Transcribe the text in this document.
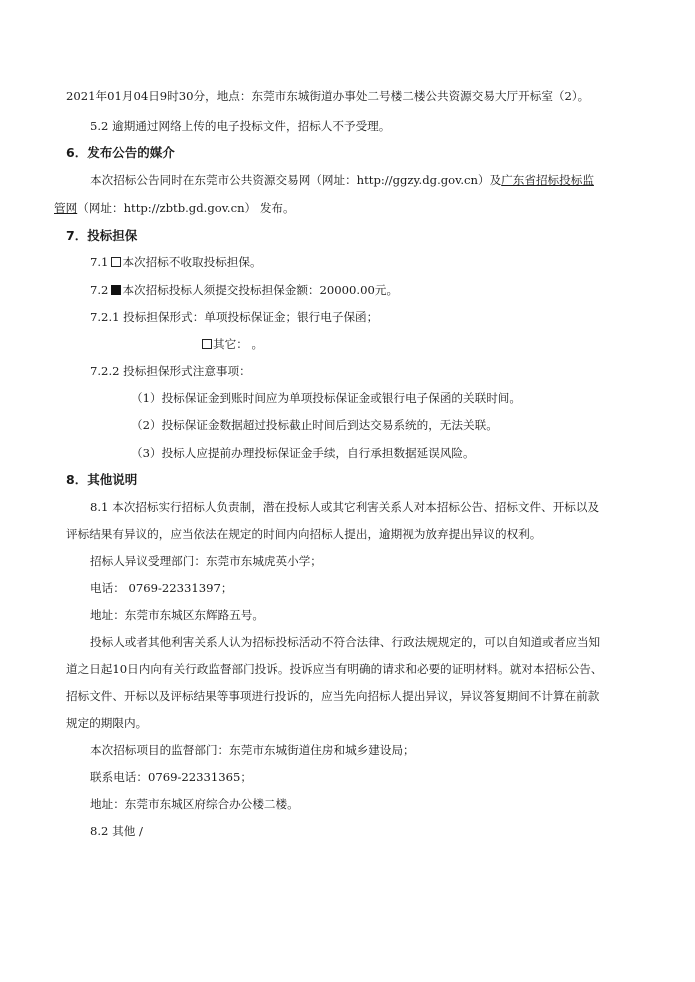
2021年01月04日9时30分，地点：东莞市东城街道办事处二号楼二楼公共资源交易大厅开标室（2）。
5.2 逾期通过网络上传的电子投标文件，招标人不予受理。
6．发布公告的媒介
本次招标公告同时在东莞市公共资源交易网（网址：http://ggzy.dg.gov.cn）及广东省招标投标监
管网（网址：http://zbtb.gd.gov.cn） 发布。
7．投标担保
7.1 本次招标不收取投标担保。
7.2 本次招标投标人须提交投标担保金额：20000.00元。
7.2.1 投标担保形式：单项投标保证金；银行电子保函；
其它： 。
7.2.2 投标担保形式注意事项：
（1）投标保证金到账时间应为单项投标保证金或银行电子保函的关联时间。
（2）投标保证金数据超过投标截止时间后到达交易系统的，无法关联。
（3）投标人应提前办理投标保证金手续，自行承担数据延误风险。
8．其他说明
8.1 本次招标实行招标人负责制，潜在投标人或其它利害关系人对本招标公告、招标文件、开标以及
评标结果有异议的，应当依法在规定的时间内向招标人提出，逾期视为放弃提出异议的权利。
招标人异议受理部门：东莞市东城虎英小学；
电话： 0769-22331397；
地址：东莞市东城区东辉路五号。
投标人或者其他利害关系人认为招标投标活动不符合法律、行政法规规定的，可以自知道或者应当知
道之日起10日内向有关行政监督部门投诉。投诉应当有明确的请求和必要的证明材料。就对本招标公告、
招标文件、开标以及评标结果等事项进行投诉的，应当先向招标人提出异议，异议答复期间不计算在前款
规定的期限内。
本次招标项目的监督部门：东莞市东城街道住房和城乡建设局；
联系电话：0769-22331365；
地址：东莞市东城区府综合办公楼二楼。
8.2 其他 /
